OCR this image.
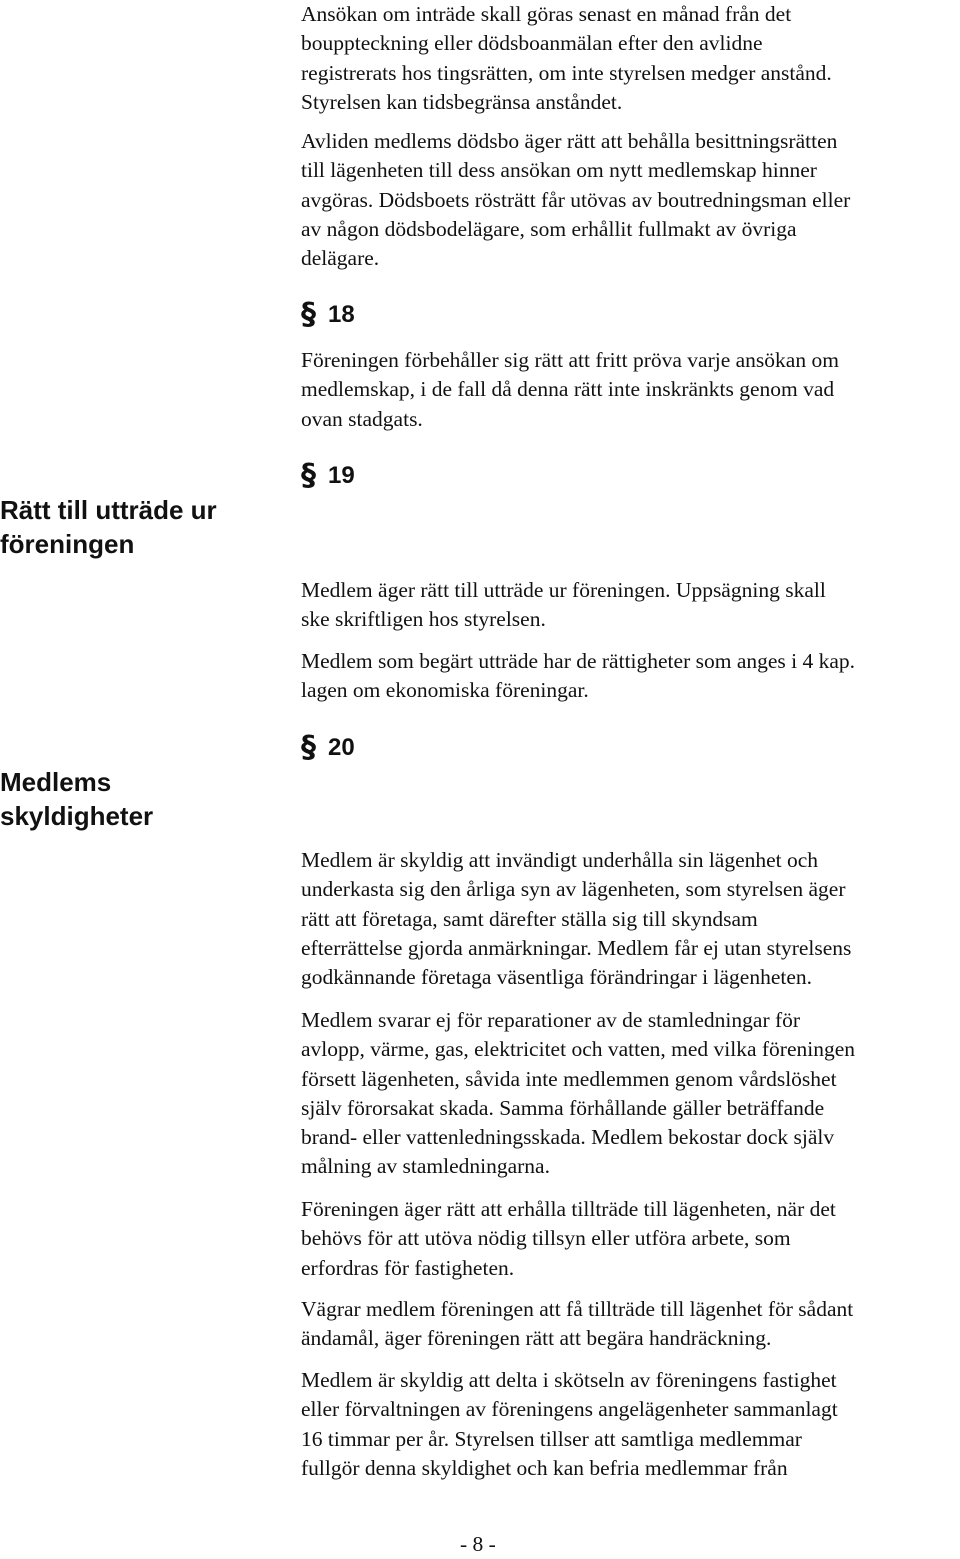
Ansökan om inträde skall göras senast en månad från det
bouppteckning eller dödsboanmälan efter den avlidne
registrerats hos tingsrätten, om inte styrelsen medger anstånd.
Styrelsen kan tidsbegränsa anståndet.
Avliden medlems dödsbo äger rätt att behålla besittningsrätten
till lägenheten till dess ansökan om nytt medlemskap hinner
avgöras. Dödsboets rösträtt får utövas av boutredningsman eller
av någon dödsbodelägare, som erhållit fullmakt av övriga
delägare.
§ 18
Föreningen förbehåller sig rätt att fritt pröva varje ansökan om
medlemskap, i de fall då denna rätt inte inskränkts genom vad
ovan stadgats.
Rätt till utträde ur
föreningen
§ 19
Medlem äger rätt till utträde ur föreningen. Uppsägning skall
ske skriftligen hos styrelsen.
Medlem som begärt utträde har de rättigheter som anges i 4 kap.
lagen om ekonomiska föreningar.
Medlems
skyldigheter
§ 20
Medlem är skyldig att invändigt underhålla sin lägenhet och
underkasta sig den årliga syn av lägenheten, som styrelsen äger
rätt att företaga, samt därefter ställa sig till skyndsam
efterrättelse gjorda anmärkningar. Medlem får ej utan styrelsens
godkännande företaga väsentliga förändringar i lägenheten.
Medlem svarar ej för reparationer av de stamledningar för
avlopp, värme, gas, elektricitet och vatten, med vilka föreningen
försett lägenheten, såvida inte medlemmen genom vårdslöshet
själv förorsakat skada. Samma förhållande gäller beträffande
brand- eller vattenledningsskada. Medlem bekostar dock själv
målning av stamledningarna.
Föreningen äger rätt att erhålla tillträde till lägenheten, när det
behövs för att utöva nödig tillsyn eller utföra arbete, som
erfordras för fastigheten.
Vägrar medlem föreningen att få tillträde till lägenhet för sådant
ändamål, äger föreningen rätt att begära handräckning.
Medlem är skyldig att delta i skötseln av föreningens fastighet
eller förvaltningen av föreningens angelägenheter sammanlagt
16 timmar per år. Styrelsen tillser att samtliga medlemmar
fullgör denna skyldighet och kan befria medlemmar från
- 8 -
